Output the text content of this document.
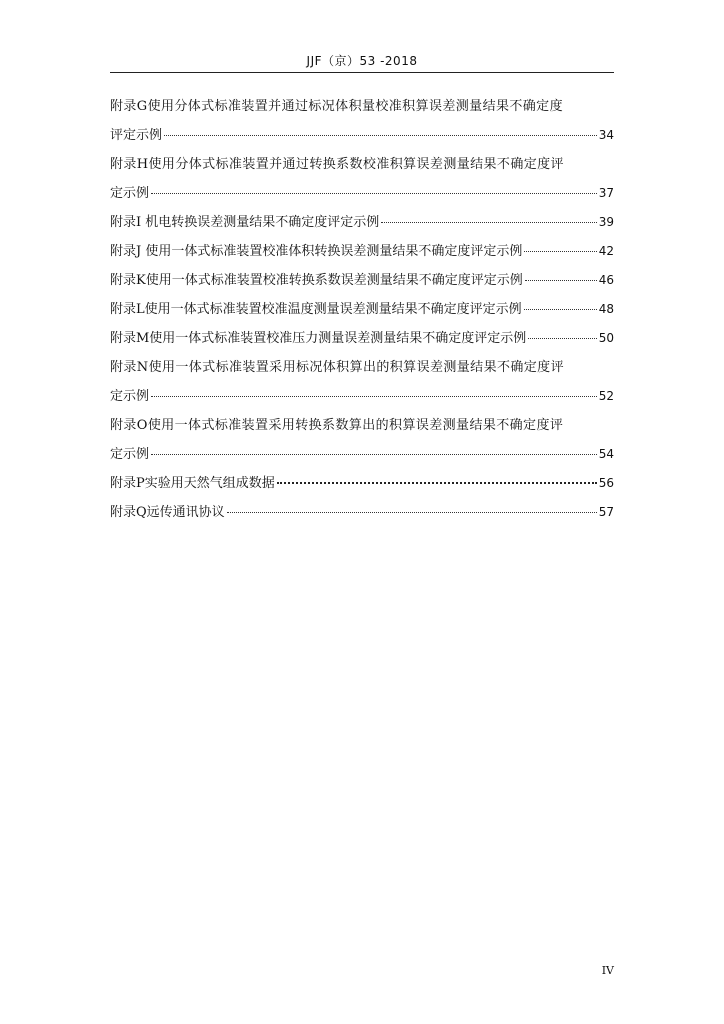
JJF（京）53 -2018
附录G使用分体式标准装置并通过标况体积量校准积算误差测量结果不确定度
评定示例	34
附录H使用分体式标准装置并通过转换系数校准积算误差测量结果不确定度评
定示例	37
附录I 机电转换误差测量结果不确定度评定示例	39
附录J 使用一体式标准装置校准体积转换误差测量结果不确定度评定示例	42
附录K使用一体式标准装置校准转换系数误差测量结果不确定度评定示例	46
附录L使用一体式标准装置校准温度测量误差测量结果不确定度评定示例	48
附录M使用一体式标准装置校准压力测量误差测量结果不确定度评定示例	50
附录N使用一体式标准装置采用标况体积算出的积算误差测量结果不确定度评
定示例	52
附录O使用一体式标准装置采用转换系数算出的积算误差测量结果不确定度评
定示例	54
附录P实验用天然气组成数据	56
附录Q远传通讯协议	57
IV
